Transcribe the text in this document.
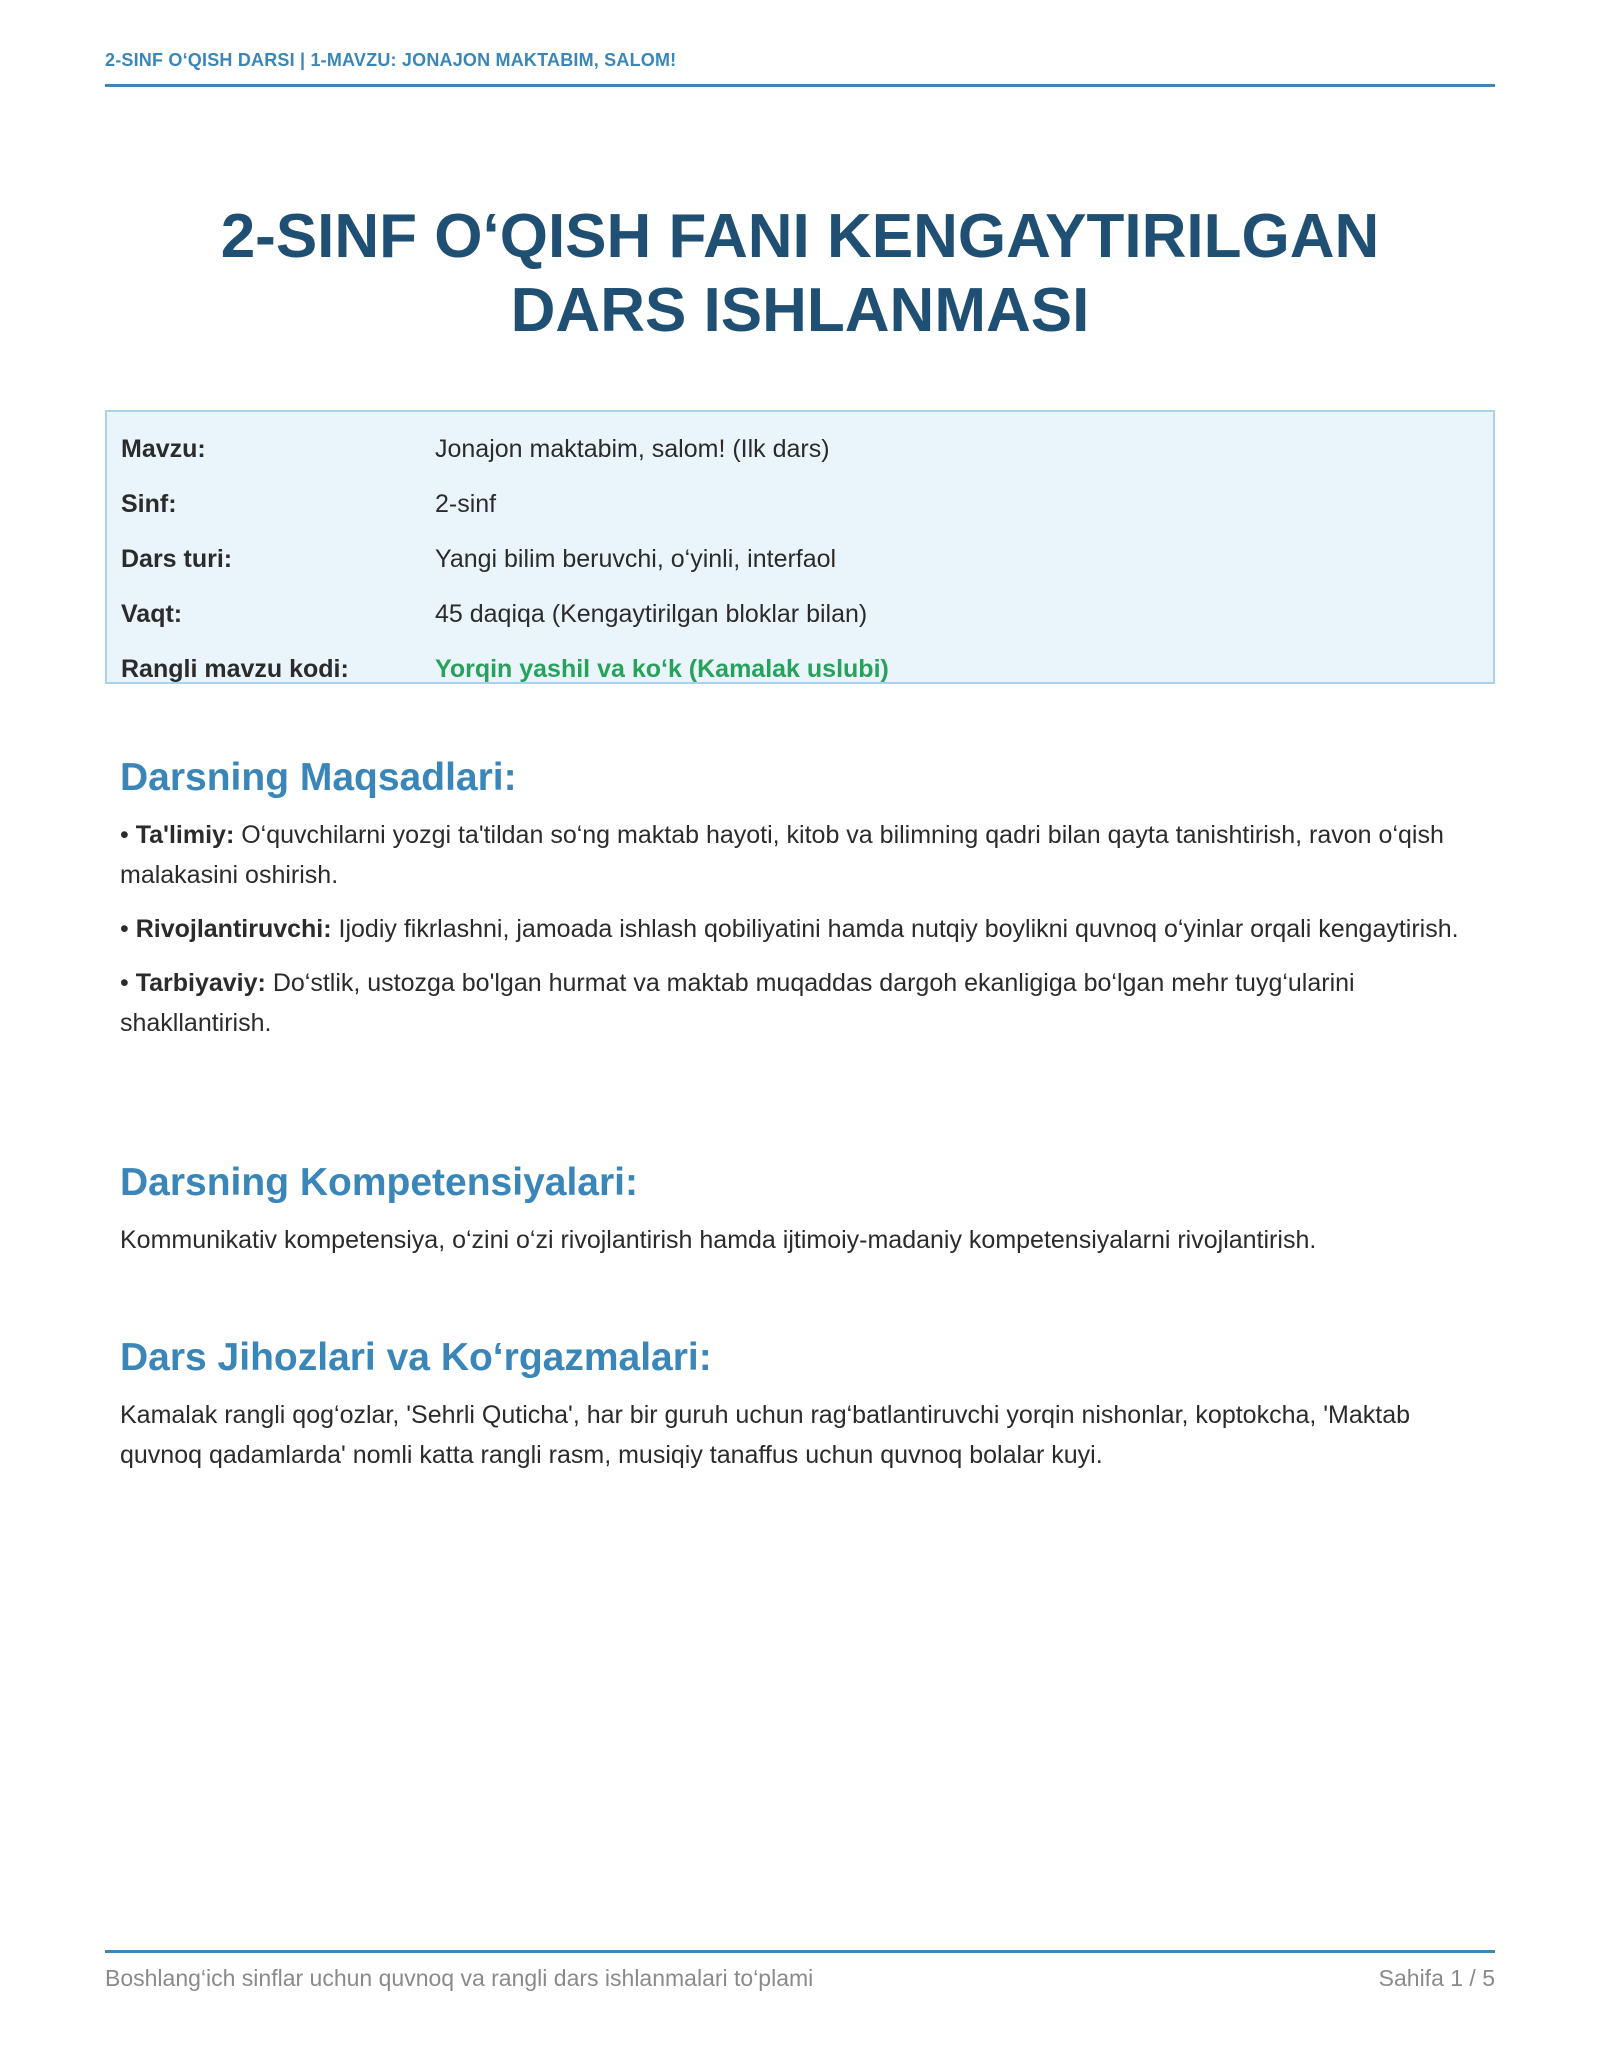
2-SINF O‘QISH DARSI | 1-MAVZU: JONAJON MAKTABIM, SALOM!
2-SINF O‘QISH FANI KENGAYTIRILGAN
DARS ISHLANMASI
Mavzu:	Jonajon maktabim, salom! (Ilk dars)
Sinf:	2-sinf
Dars turi:	Yangi bilim beruvchi, o‘yinli, interfaol
Vaqt:	45 daqiqa (Kengaytirilgan bloklar bilan)
Rangli mavzu kodi:	Yorqin yashil va ko‘k (Kamalak uslubi)
Darsning Maqsadlari:

• Ta'limiy: O‘quvchilarni yozgi ta'tildan so‘ng maktab hayoti, kitob va bilimning qadri bilan qayta tanishtirish, ravon o‘qish malakasini oshirish.

• Rivojlantiruvchi: Ijodiy fikrlashni, jamoada ishlash qobiliyatini hamda nutqiy boylikni quvnoq o‘yinlar orqali kengaytirish.

• Tarbiyaviy: Do‘stlik, ustozga bo'lgan hurmat va maktab muqaddas dargoh ekanligiga bo‘lgan mehr tuyg‘ularini shakllantirish.

Darsning Kompetensiyalari:

Kommunikativ kompetensiya, o‘zini o‘zi rivojlantirish hamda ijtimoiy-madaniy kompetensiyalarni rivojlantirish.

Dars Jihozlari va Ko‘rgazmalari:

Kamalak rangli qog‘ozlar, 'Sehrli Quticha', har bir guruh uchun rag‘batlantiruvchi yorqin nishonlar, koptokcha, 'Maktab quvnoq qadamlarda' nomli katta rangli rasm, musiqiy tanaffus uchun quvnoq bolalar kuyi.

Boshlang‘ich sinflar uchun quvnoq va rangli dars ishlanmalari to‘plami	Sahifa 1 / 5
